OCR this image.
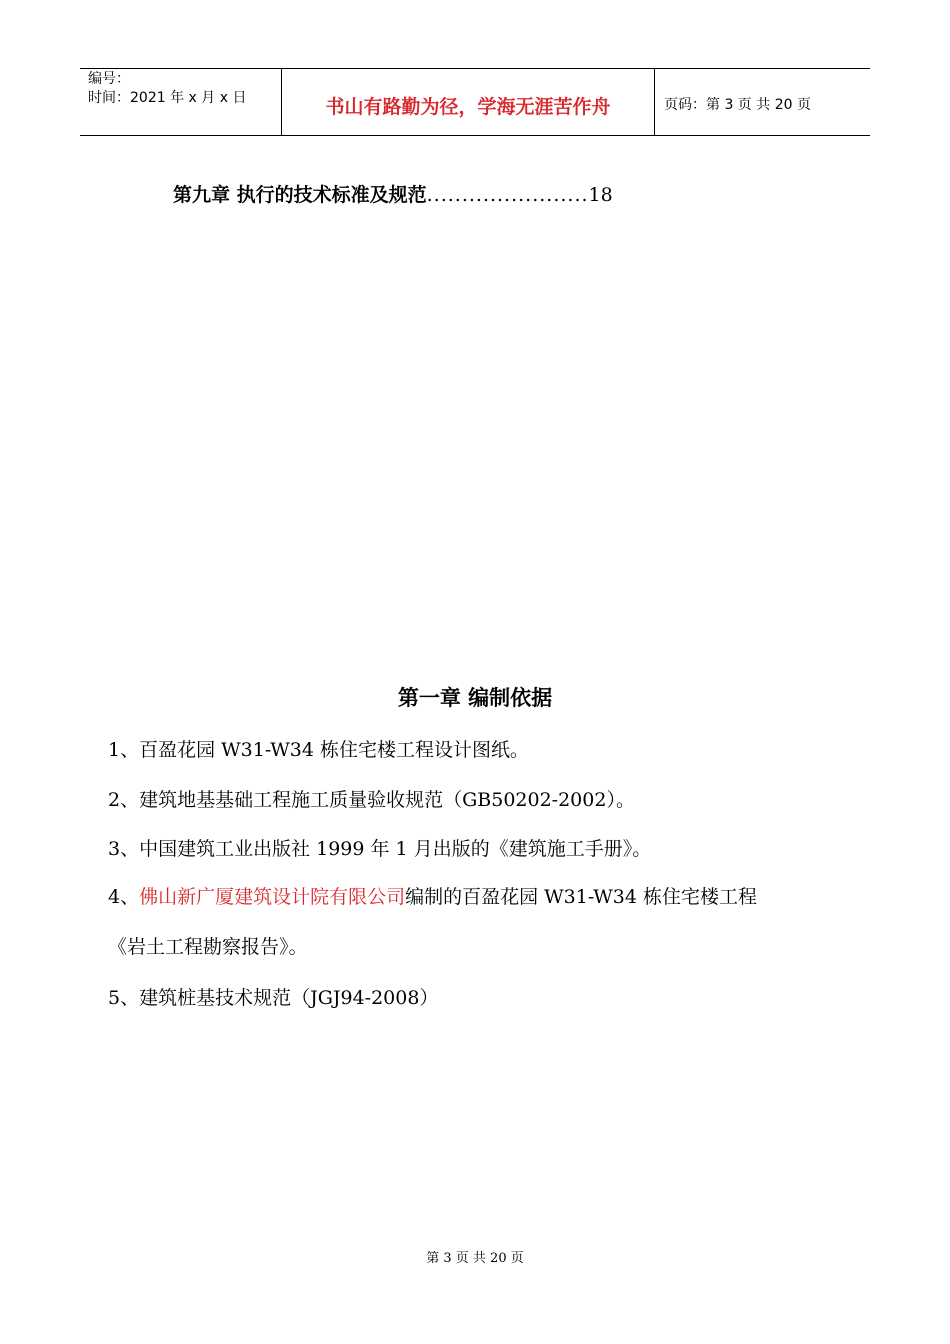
编号：
时间：2021 年 x 月 x 日	书山有路勤为径，学海无涯苦作舟	页码：第 3 页 共 20 页
第九章 执行的技术标准及规范.......................18
第一章 编制依据
1、百盈花园 W31-W34 栋住宅楼工程设计图纸。
2、建筑地基基础工程施工质量验收规范（GB50202-2002）。
3、中国建筑工业出版社 1999 年 1 月出版的《建筑施工手册》。
4、佛山新广厦建筑设计院有限公司编制的百盈花园 W31-W34 栋住宅楼工程
《岩土工程勘察报告》。
5、建筑桩基技术规范（JGJ94-2008）
第 3 页 共 20 页
